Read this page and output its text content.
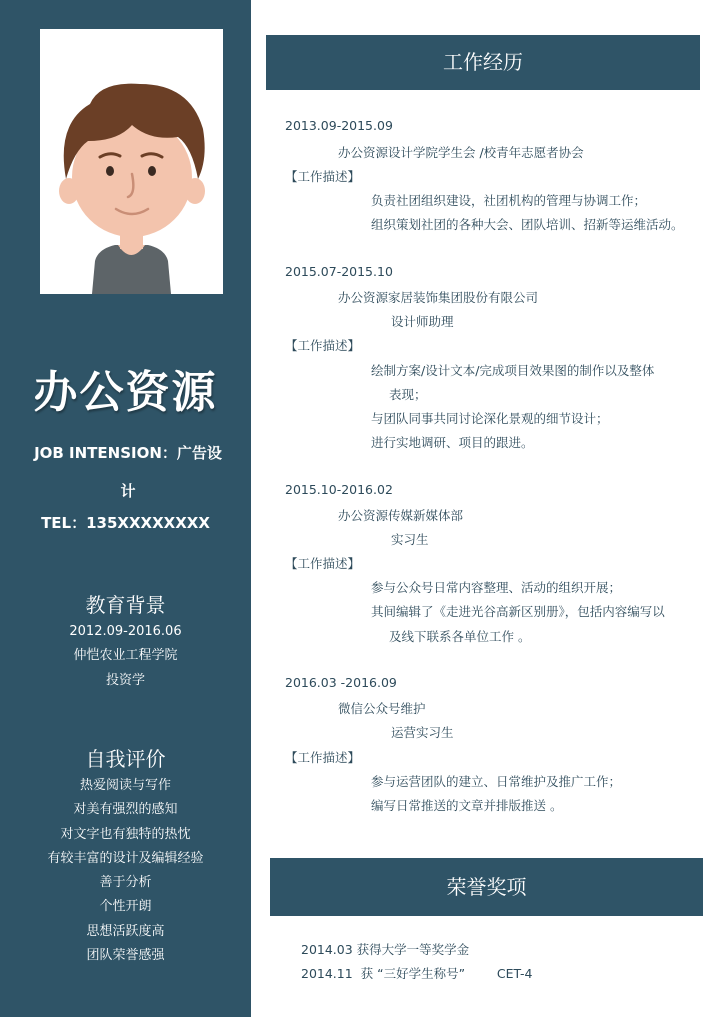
办公资源
JOB INTENSION：广告设
计
TEL：135XXXXXXXX
教育背景
2012.09-2016.06
仲恺农业工程学院
投资学
自我评价
热爱阅读与写作
对美有强烈的感知
对文字也有独特的热忱
有较丰富的设计及编辑经验
善于分析
个性开朗
思想活跃度高
团队荣誉感强
工作经历
2013.09-2015.09
办公资源设计学院学生会 /校青年志愿者协会
【工作描述】
负责社团组织建设，社团机构的管理与协调工作；
组织策划社团的各种大会、团队培训、招新等运维活动。
2015.07-2015.10
办公资源家居装饰集团股份有限公司
设计师助理
【工作描述】
绘制方案/设计文本/完成项目效果图的制作以及整体
表现；
与团队同事共同讨论深化景观的细节设计；
进行实地调研、项目的跟进。
2015.10-2016.02
办公资源传媒新媒体部
实习生
【工作描述】
参与公众号日常内容整理、活动的组织开展；
其间编辑了《走进光谷高新区别册》，包括内容编写以
及线下联系各单位工作 。
2016.03 -2016.09
微信公众号维护
运营实习生
【工作描述】
参与运营团队的建立、日常维护及推广工作；
编写日常推送的文章并排版推送 。
荣誉奖项
2014.03 获得大学一等奖学金
2014.11  获 “三好学生称号”        CET-4
